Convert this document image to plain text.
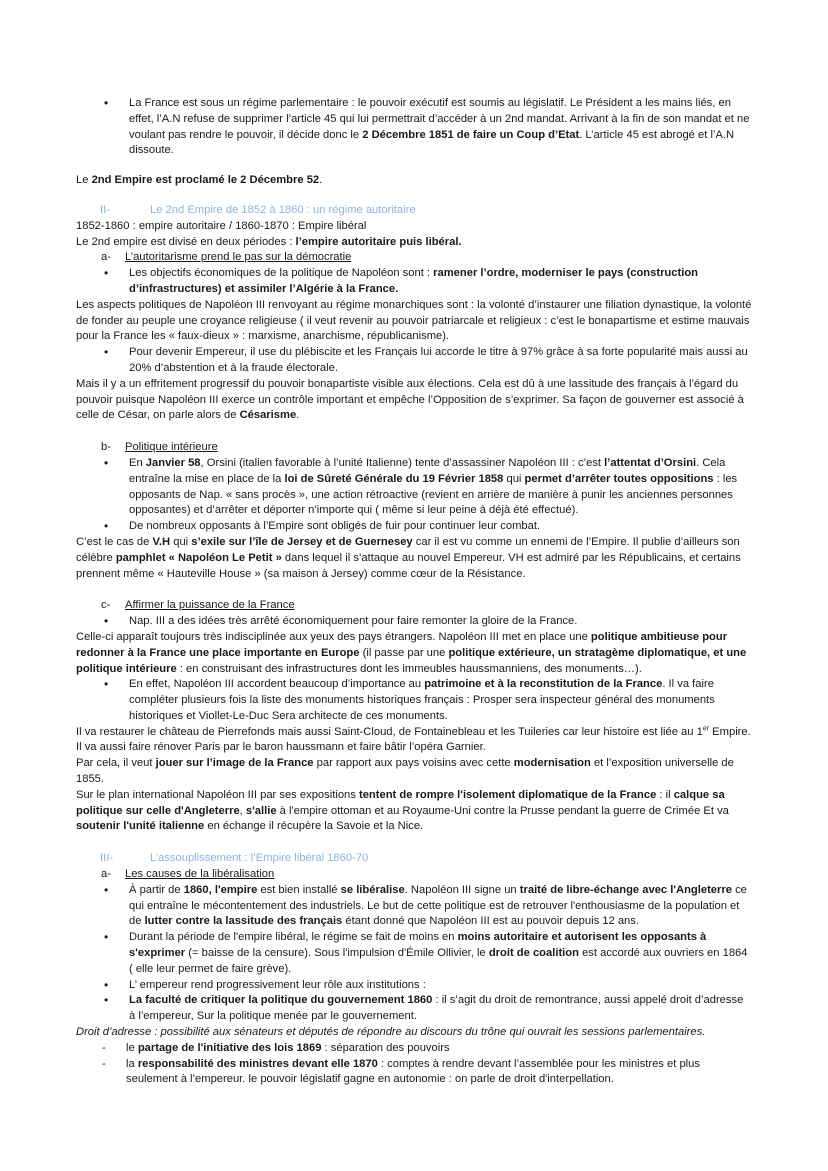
• La France est sous un régime parlementaire : le pouvoir exécutif est soumis au législatif. Le Président a les mains liés, en effet, l’A.N refuse de supprimer l’article 45 qui lui permettrait d’accéder à un 2nd mandat. Arrivant à la fin de son mandat et ne voulant pas rendre le pouvoir, il décide donc le 2 Décembre 1851 de faire un Coup d’Etat. L’article 45 est abrogé et l’A.N dissoute.

Le 2nd Empire est proclamé le 2 Décembre 52.

II-	Le 2nd Empire de 1852 à 1860 : un régime autoritaire

1852-1860 : empire autoritaire / 1860-1870 : Empire libéral

Le 2nd empire est divisé en deux périodes : l’empire autoritaire puis libéral.

a- L’autoritarisme prend le pas sur la démocratie

• Les objectifs économiques de la politique de Napoléon sont : ramener l’ordre, moderniser le pays (construction d’infrastructures) et assimiler l’Algérie à la France.

Les aspects politiques de Napoléon III renvoyant au régime monarchiques sont : la volonté d’instaurer une filiation dynastique, la volonté de fonder au peuple une croyance religieuse ( il veut revenir au pouvoir patriarcale et religieux : c’est le bonapartisme et estime mauvais pour la France les « faux-dieux » : marxisme, anarchisme, républicanisme).

• Pour devenir Empereur, il use du plébiscite et les Français lui accorde le titre à 97% grâce à sa forte popularité mais aussi au 20% d’abstention et à la fraude électorale.

Mais il y a un effritement progressif du pouvoir bonapartiste visible aux élections. Cela est dû à une lassitude des français à l’égard du pouvoir puisque Napoléon III exerce un contrôle important et empêche l’Opposition de s’exprimer. Sa façon de gouverner est associé à celle de César, on parle alors de Césarisme.

b- Politique intérieure

• En Janvier 58, Orsini (italien favorable à l’unité Italienne) tente d’assassiner Napoléon III : c’est l’attentat d’Orsini. Cela entraîne la mise en place de la loi de Sûreté Générale du 19 Février 1858 qui permet d’arrêter toutes oppositions : les opposants de Nap. « sans procès », une action rétroactive (revient en arrière de manière à punir les anciennes personnes opposantes) et d’arrêter et déporter n’importe qui ( même si leur peine à déjà été effectué).

• De nombreux opposants à l’Empire sont obligés de fuir pour continuer leur combat.

C’est le cas de V.H qui s’exile sur l’île de Jersey et de Guernesey car il est vu comme un ennemi de l’Empire. Il publie d’ailleurs son célèbre pamphlet « Napoléon Le Petit » dans lequel il s’attaque au nouvel Empereur. VH est admiré par les Républicains, et certains prennent même « Hauteville House » (sa maison à Jersey) comme cœur de la Résistance.

c- Affirmer la puissance de la France

• Nap. III a des idées très arrêté économiquement pour faire remonter la gloire de la France.

Celle-ci apparaît toujours très indisciplinée aux yeux des pays étrangers. Napoléon III met en place une politique ambitieuse pour redonner à la France une place importante en Europe (il passe par une politique extérieure, un stratagème diplomatique, et une politique intérieure : en construisant des infrastructures dont les immeubles haussmanniens, des monuments…).

• En effet, Napoléon III accordent beaucoup d’importance au patrimoine et à la reconstitution de la France. Il va faire compléter plusieurs fois la liste des monuments historiques français : Prosper sera inspecteur général des monuments historiques et Viollet-Le-Duc Sera architecte de ces monuments.

Il va restaurer le château de Pierrefonds mais aussi Saint-Cloud, de Fontainebleau et les Tuileries car leur histoire est liée au 1er Empire. Il va aussi faire rénover Paris par le baron haussmann et faire bâtir l’opéra Garnier.

Par cela, il veut jouer sur l’image de la France par rapport aux pays voisins avec cette modernisation et l’exposition universelle de 1855.

Sur le plan international Napoléon III par ses expositions tentent de rompre l'isolement diplomatique de la France : il calque sa politique sur celle d'Angleterre, s'allie à l'empire ottoman et au Royaume-Uni contre la Prusse pendant la guerre de Crimée Et va soutenir l'unité italienne en échange il récupère la Savoie et la Nice.

III-	L’assouplissement : l’Empire libéral 1860-70

a- Les causes de la libéralisation

• À partir de 1860, l'empire est bien installé se libéralise. Napoléon III signe un traité de libre-échange avec l'Angleterre ce qui entraîne le mécontentement des industriels. Le but de cette politique est de retrouver l'enthousiasme de la population et de lutter contre la lassitude des français étant donné que Napoléon III est au pouvoir depuis 12 ans.

• Durant la période de l'empire libéral, le régime se fait de moins en moins autoritaire et autorisent les opposants à s'exprimer (= baisse de la censure). Sous l'impulsion d'Émile Ollivier, le droit de coalition est accordé aux ouvriers en 1864 ( elle leur permet de faire grève).

• L’ empereur rend progressivement leur rôle aux institutions :

• La faculté de critiquer la politique du gouvernement 1860 : il s’agit du droit de remontrance, aussi appelé droit d’adresse à l’empereur, Sur la politique menée par le gouvernement.

Droit d’adresse : possibilité aux sénateurs et députés de répondre au discours du trône qui ouvrait les sessions parlementaires.

- le partage de l'initiative des lois 1869 : séparation des pouvoirs

- la responsabilité des ministres devant elle 1870 : comptes à rendre devant l’assemblée pour les ministres et plus seulement à l’empereur. le pouvoir législatif gagne en autonomie : on parle de droit d'interpellation.
